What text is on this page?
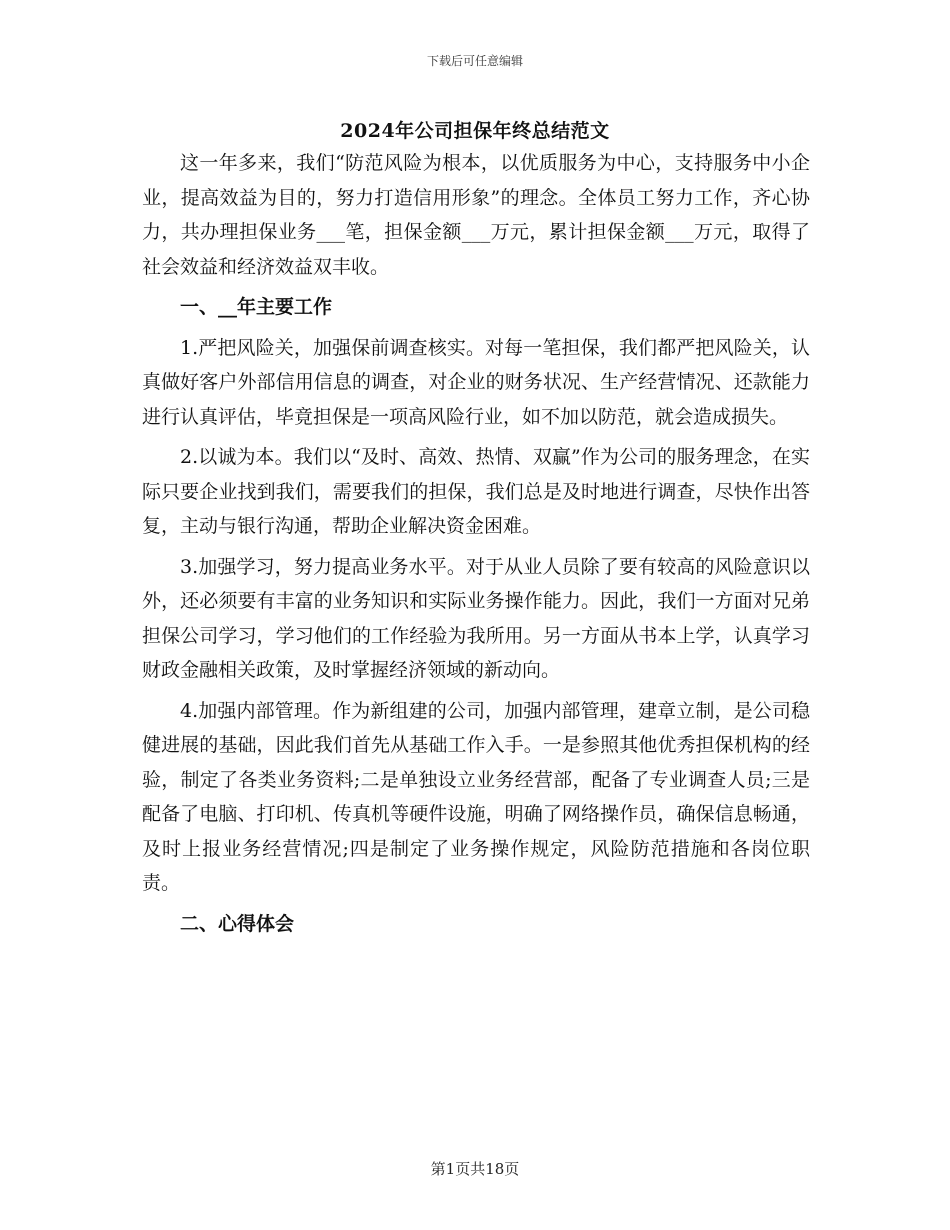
下载后可任意编辑
2024年公司担保年终总结范文

这一年多来，我们“防范风险为根本，以优质服务为中心，支持服务中小企业，提高效益为目的，努力打造信用形象”的理念。全体员工努力工作，齐心协力，共办理担保业务___笔，担保金额___万元，累计担保金额___万元，取得了社会效益和经济效益双丰收。

一、__年主要工作

1.严把风险关，加强保前调查核实。对每一笔担保，我们都严把风险关，认真做好客户外部信用信息的调查，对企业的财务状况、生产经营情况、还款能力进行认真评估，毕竟担保是一项高风险行业，如不加以防范，就会造成损失。

2.以诚为本。我们以“及时、高效、热情、双赢”作为公司的服务理念，在实际只要企业找到我们，需要我们的担保，我们总是及时地进行调查，尽快作出答复，主动与银行沟通，帮助企业解决资金困难。

3.加强学习，努力提高业务水平。对于从业人员除了要有较高的风险意识以外，还必须要有丰富的业务知识和实际业务操作能力。因此，我们一方面对兄弟担保公司学习，学习他们的工作经验为我所用。另一方面从书本上学，认真学习财政金融相关政策，及时掌握经济领域的新动向。

4.加强内部管理。作为新组建的公司，加强内部管理，建章立制，是公司稳健进展的基础，因此我们首先从基础工作入手。一是参照其他优秀担保机构的经验，制定了各类业务资料;二是单独设立业务经营部，配备了专业调查人员;三是配备了电脑、打印机、传真机等硬件设施，明确了网络操作员，确保信息畅通，及时上报业务经营情况;四是制定了业务操作规定，风险防范措施和各岗位职责。

二、心得体会

第1页共18页
